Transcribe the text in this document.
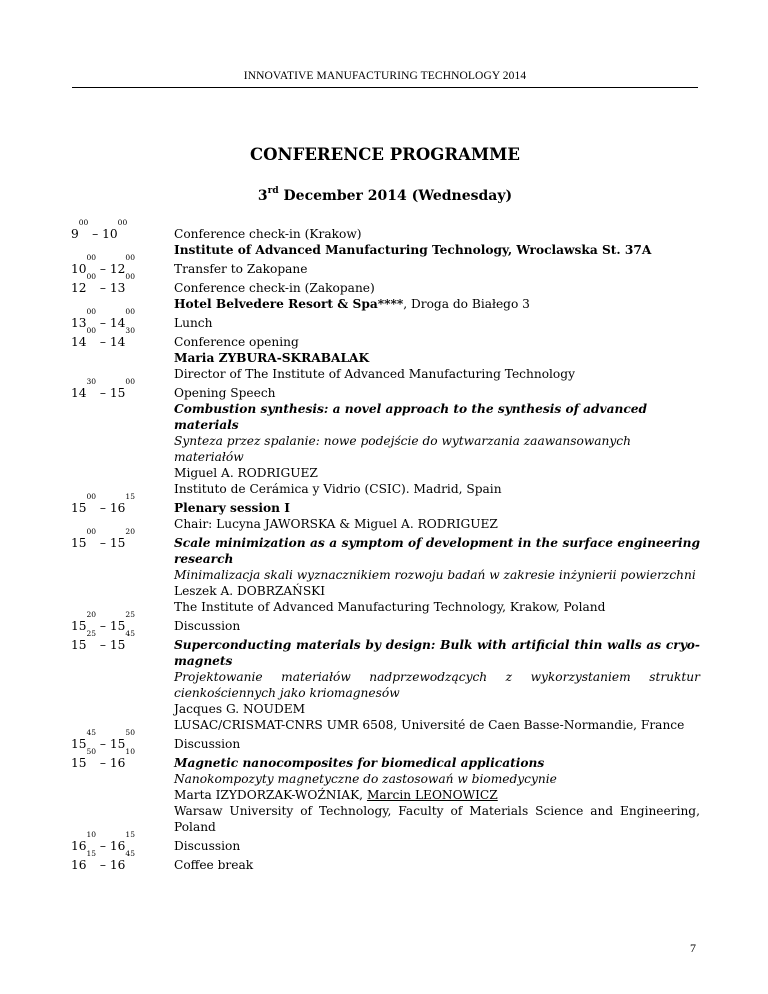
INNOVATIVE MANUFACTURING TECHNOLOGY 2014
CONFERENCE PROGRAMME
3rd December 2014 (Wednesday)
$9^{00} - 10^{00}$
Conference check-in (Krakow)
Institute of Advanced Manufacturing Technology, Wroclawska St. 37A
$10^{00} - 12^{00}$
Transfer to Zakopane
$12^{00} - 13^{00}$
Conference check-in (Zakopane)
Hotel Belvedere Resort & Spa****, Droga do Białego 3
$13^{00} - 14^{00}$
Lunch
$14^{00} - 14^{30}$
Conference opening
Maria ZYBURA-SKRABALAK
Director of The Institute of Advanced Manufacturing Technology
$14^{30} - 15^{00}$
Opening Speech
Combustion synthesis: a novel approach to the synthesis of advanced materials
Synteza przez spalanie: nowe podejście do wytwarzania zaawansowanych materiałów
Miguel A. RODRIGUEZ
Instituto de Cerámica y Vidrio (CSIC). Madrid, Spain
$15^{00} - 16^{15}$
Plenary session I
Chair: Lucyna JAWORSKA & Miguel A. RODRIGUEZ
$15^{00} - 15^{20}$
Scale minimization as a symptom of development in the surface engineering research
Minimalizacja skali wyznacznikiem rozwoju badań w zakresie inżynierii powierzchni
Leszek A. DOBRZAŃSKI
The Institute of Advanced Manufacturing Technology, Krakow, Poland
$15^{20} - 15^{25}$
Discussion
$15^{25} - 15^{45}$
Superconducting materials by design: Bulk with artificial thin walls as cryo-magnets
Projektowanie materiałów nadprzewodzących z wykorzystaniem struktur cienkościennych jako kriomagnesów
Jacques G. NOUDEM
LUSAC/CRISMAT-CNRS UMR 6508, Université de Caen Basse-Normandie, France
$15^{45} - 15^{50}$
Discussion
$15^{50} - 16^{10}$
Magnetic nanocomposites for biomedical applications
Nanokompozyty magnetyczne do zastosowań w biomedycynie
Marta IZYDORZAK-WOŹNIAK, Marcin LEONOWICZ
Warsaw University of Technology, Faculty of Materials Science and Engineering, Poland
$16^{10} - 16^{15}$
Discussion
$16^{15} - 16^{45}$
Coffee break
7
